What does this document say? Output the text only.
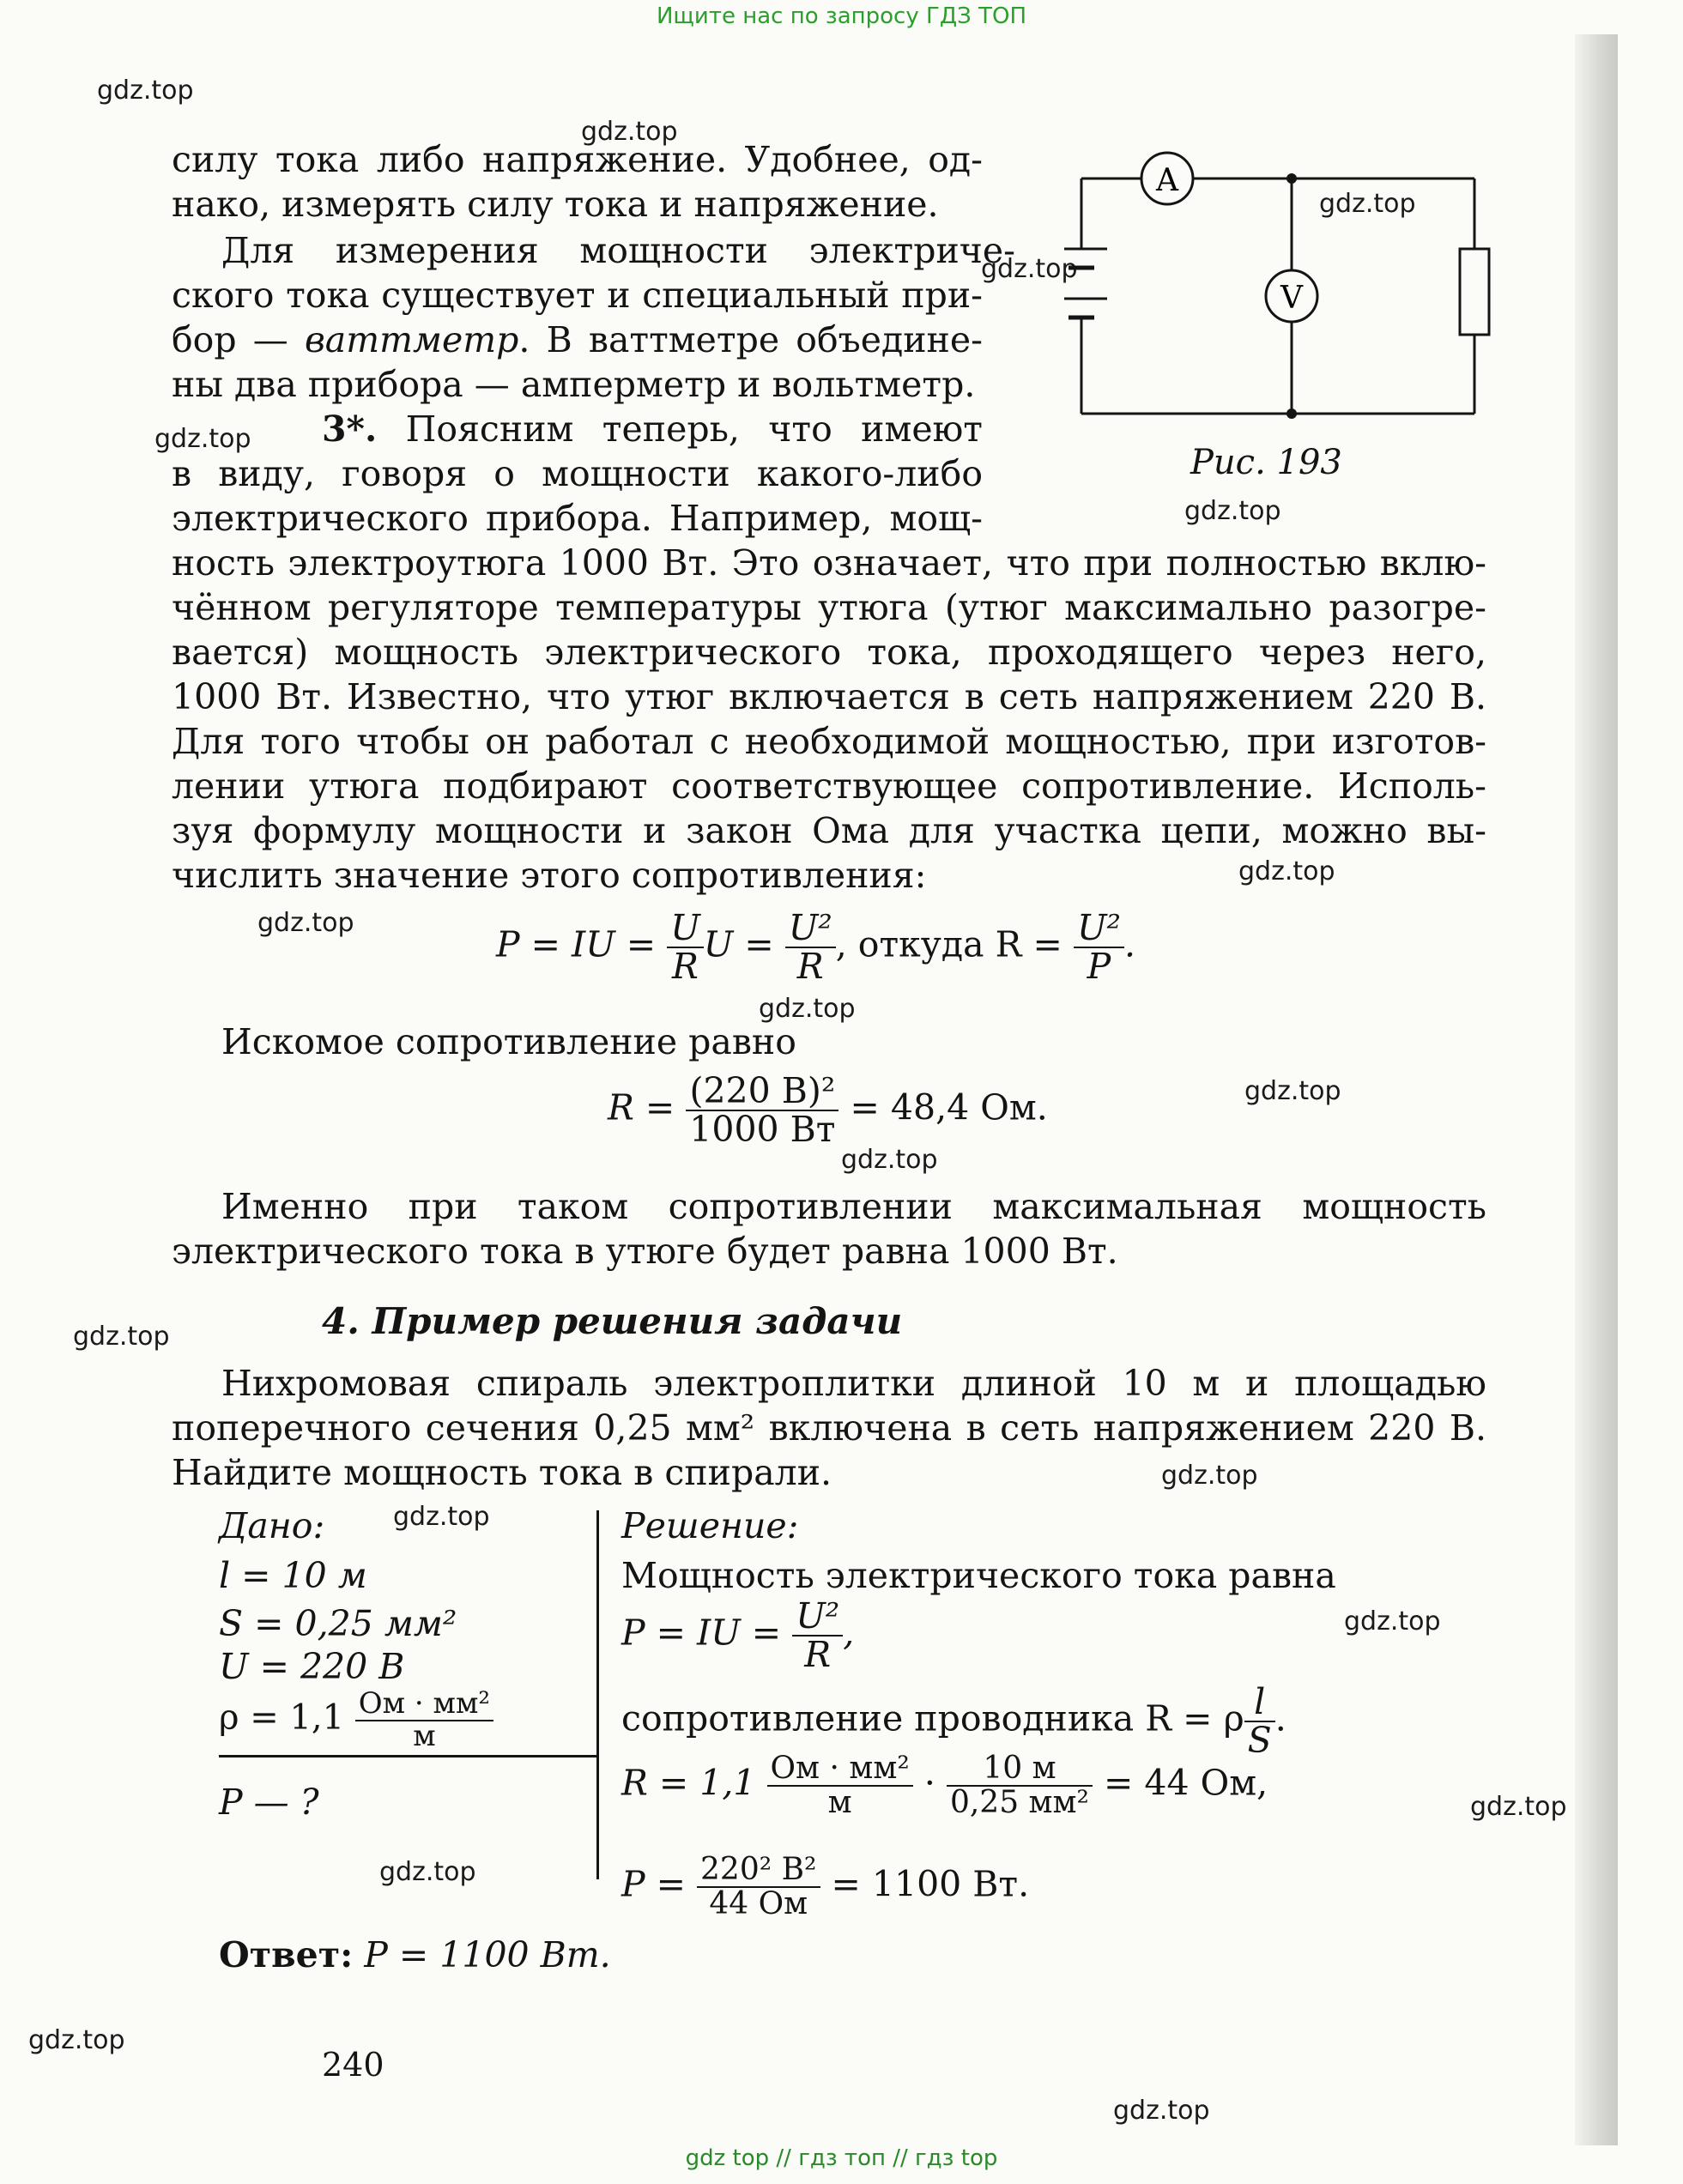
Ищите нас по запросу ГДЗ ТОП
gdz top // гдз топ // гдз top
gdz.top
gdz.top
gdz.top
gdz.top
gdz.top
gdz.top
gdz.top
gdz.top
gdz.top
gdz.top
gdz.top
gdz.top
gdz.top
gdz.top
gdz.top
gdz.top
gdz.top
gdz.top
gdz.top
A
V
Рис. 193
силу тока либо напряжение. Удобнее, од-
нако, измерять силу тока и напряжение.
Для измерения мощности электриче-
ского тока существует и специальный при-
бор — ваттметр. В ваттметре объедине-
ны два прибора — амперметр и вольтметр.
3*. Поясним теперь, что имеют
в виду, говоря о мощности какого-либо
электрического прибора. Например, мощ-
ность электроутюга 1000 Вт. Это означает, что при полностью вклю-
чённом регуляторе температуры утюга (утюг максимально разогре-
вается) мощность электрического тока, проходящего через него,
1000 Вт. Известно, что утюг включается в сеть напряжением 220 В.
Для того чтобы он работал с необходимой мощностью, при изготов-
лении утюга подбирают соответствующее сопротивление. Исполь-
зуя формулу мощности и закон Ома для участка цепи, можно вы-
числить значение этого сопротивления:
P = IU = $\frac{U}{R}$ $U = \frac{\text{U²}}{R}$ , откуда $R = \frac{\text{U²}}{P}$ .
Искомое сопротивление равно
$R = \frac{\text{(220 В)²}}{1000 Вт} = 48,4$ Ом.
Именно при таком сопротивлении максимальная мощность
электрического тока в утюге будет равна 1000 Вт.
4. Пример решения задачи
Нихромовая спираль электроплитки длиной 10 м и площадью
поперечного сечения 0,25 мм² включена в сеть напряжением 220 В.
Найдите мощность тока в спирали.
Дано:
l = 10 м
S = 0,25 мм²
U = 220 В
$\rho = 1,1 \frac{\text{Ом · мм²}}{м}$
P — ?
Решение:
Мощность электрического тока равна
P = IU = $\frac{\text{U²}}{R}$ ,
сопротивление проводника R = ρ $\frac{l}{S}$ .
$R = 1,1 \frac{\text{Ом · мм²}}{м} \cdot \frac{10 м}{\text{0,25 мм²}} = 44$ Ом,
$P = \frac{\text{220² В²}}{44 Ом} = 1100$ Вт.
Ответ: P = 1100 Вт.
240
